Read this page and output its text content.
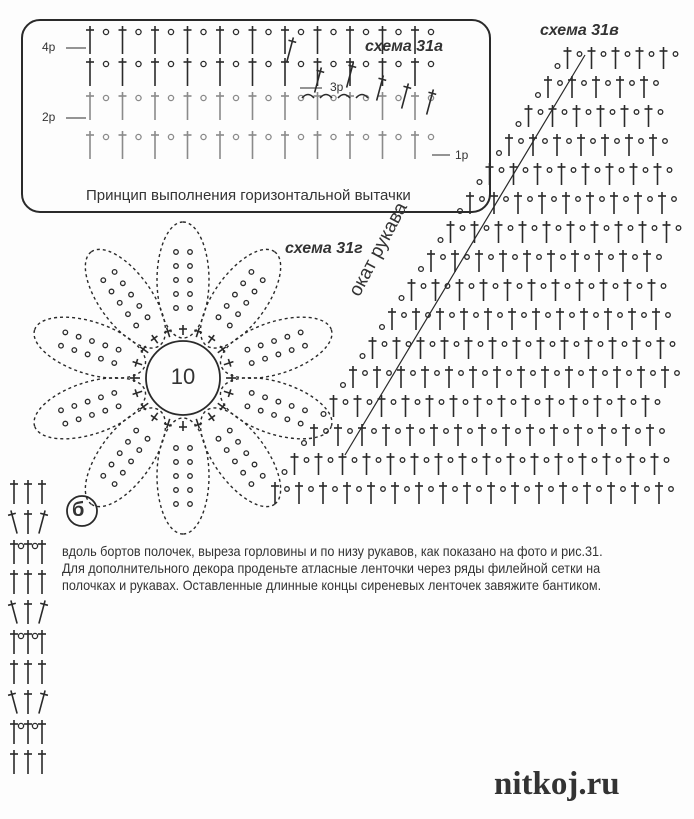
схема 31а
4р
3р
2р
1р
Принцип выполнения горизонтальной вытачки
схема 31в
окат рукава
схема 31г
10
б
вдоль бортов полочек, выреза горловины и по низу рукавов, как показано на фото и рис.31. Для дополнительного декора проденьте атласные ленточки через ряды филейной сетки на полочках и рукавах. Оставленные длинные концы сиреневых ленточек завяжите бантиком.
nitkoj.ru
